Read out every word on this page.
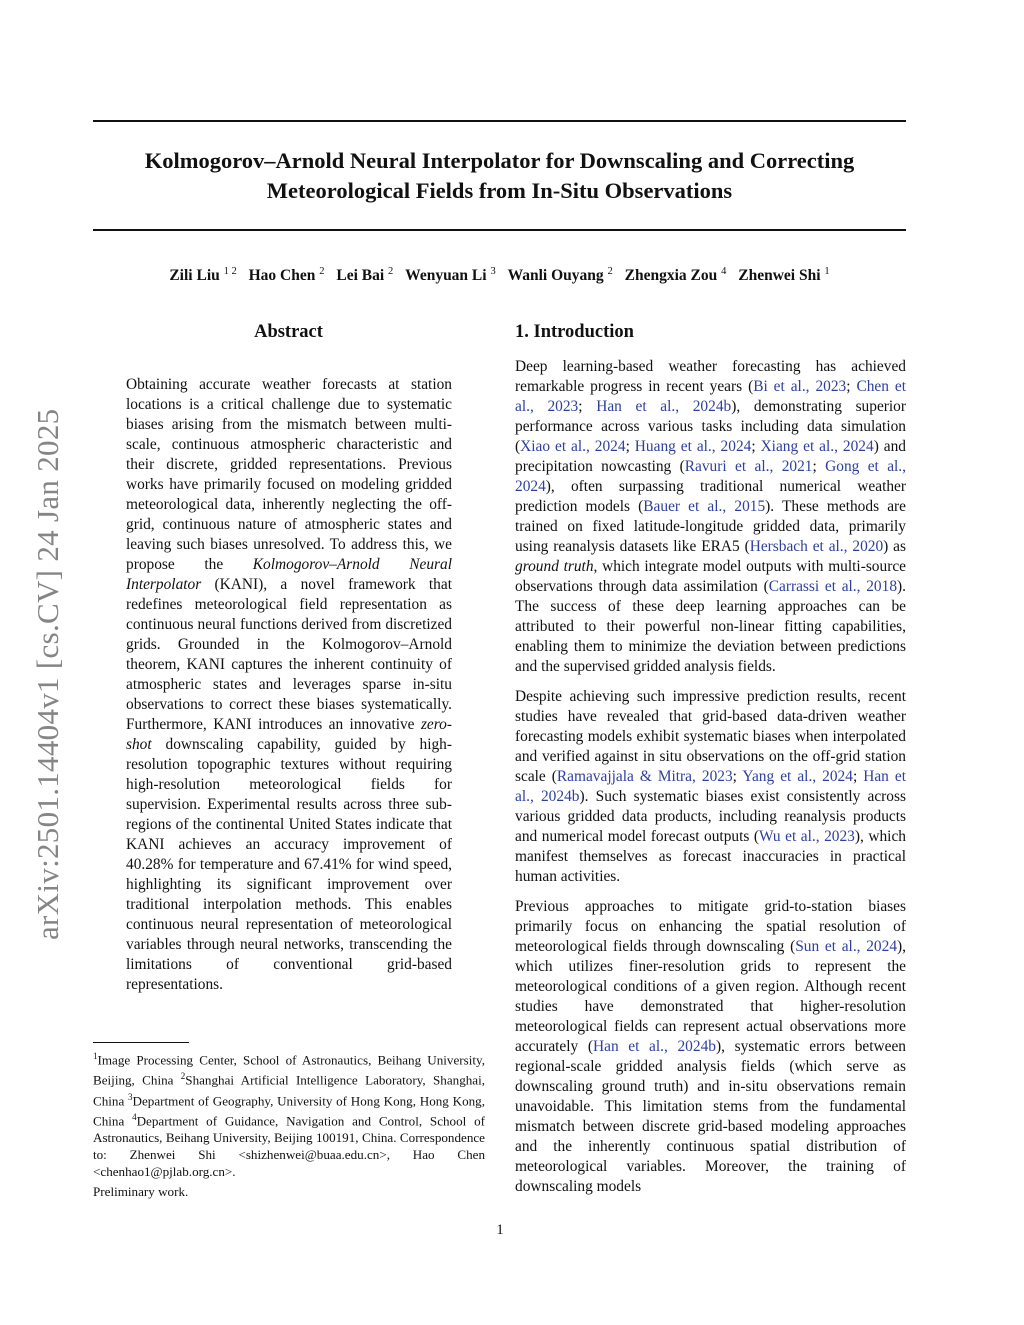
arXiv:2501.14404v1 [cs.CV] 24 Jan 2025
Kolmogorov–Arnold Neural Interpolator for Downscaling and Correcting
Meteorological Fields from In-Situ Observations
Zili Liu $^{1 2}$ Hao Chen $^2$ Lei Bai $^2$ Wenyuan Li $^3$ Wanli Ouyang $^2$ Zhengxia Zou $^4$ Zhenwei Shi $^1$
Abstract
Obtaining accurate weather forecasts at station locations is a critical challenge due to systematic biases arising from the mismatch between multi-scale, continuous atmospheric characteristic and their discrete, gridded representations. Previous works have primarily focused on modeling gridded meteorological data, inherently neglecting the off-grid, continuous nature of atmospheric states and leaving such biases unresolved. To address this, we propose the Kolmogorov–Arnold Neural Interpolator (KANI), a novel framework that redefines meteorological field representation as continuous neural functions derived from discretized grids. Grounded in the Kolmogorov–Arnold theorem, KANI captures the inherent continuity of atmospheric states and leverages sparse in-situ observations to correct these biases systematically. Furthermore, KANI introduces an innovative zero-shot downscaling capability, guided by high-resolution topographic textures without requiring high-resolution meteorological fields for supervision. Experimental results across three sub-regions of the continental United States indicate that KANI achieves an accuracy improvement of 40.28% for temperature and 67.41% for wind speed, highlighting its significant improvement over traditional interpolation methods. This enables continuous neural representation of meteorological variables through neural networks, transcending the limitations of conventional grid-based representations.
1. Introduction

Deep learning-based weather forecasting has achieved remarkable progress in recent years (Bi et al., 2023; Chen et al., 2023; Han et al., 2024b), demonstrating superior performance across various tasks including data simulation (Xiao et al., 2024; Huang et al., 2024; Xiang et al., 2024) and precipitation nowcasting (Ravuri et al., 2021; Gong et al., 2024), often surpassing traditional numerical weather prediction models (Bauer et al., 2015). These methods are trained on fixed latitude-longitude gridded data, primarily using reanalysis datasets like ERA5 (Hersbach et al., 2020) as ground truth, which integrate model outputs with multi-source observations through data assimilation (Carrassi et al., 2018). The success of these deep learning approaches can be attributed to their powerful non-linear fitting capabilities, enabling them to minimize the deviation between predictions and the supervised gridded analysis fields.

Despite achieving such impressive prediction results, recent studies have revealed that grid-based data-driven weather forecasting models exhibit systematic biases when interpolated and verified against in situ observations on the off-grid station scale (Ramavajjala & Mitra, 2023; Yang et al., 2024; Han et al., 2024b). Such systematic biases exist consistently across various gridded data products, including reanalysis products and numerical model forecast outputs (Wu et al., 2023), which manifest themselves as forecast inaccuracies in practical human activities.

Previous approaches to mitigate grid-to-station biases primarily focus on enhancing the spatial resolution of meteorological fields through downscaling (Sun et al., 2024), which utilizes finer-resolution grids to represent the meteorological conditions of a given region. Although recent studies have demonstrated that higher-resolution meteorological fields can represent actual observations more accurately (Han et al., 2024b), systematic errors between regional-scale gridded analysis fields (which serve as downscaling ground truth) and in-situ observations remain unavoidable. This limitation stems from the fundamental mismatch between discrete grid-based modeling approaches and the inherently continuous spatial distribution of meteorological variables. Moreover, the training of downscaling models

$^1$Image Processing Center, School of Astronautics, Beihang University, Beijing, China $^2$Shanghai Artificial Intelligence Laboratory, Shanghai, China $^3$Department of Geography, University of Hong Kong, Hong Kong, China $^4$Department of Guidance, Navigation and Control, School of Astronautics, Beihang University, Beijing 100191, China. Correspondence to: Zhenwei Shi <shizhenwei@buaa.edu.cn>, Hao Chen <chenhao1@pjlab.org.cn>.
Preliminary work.
1
